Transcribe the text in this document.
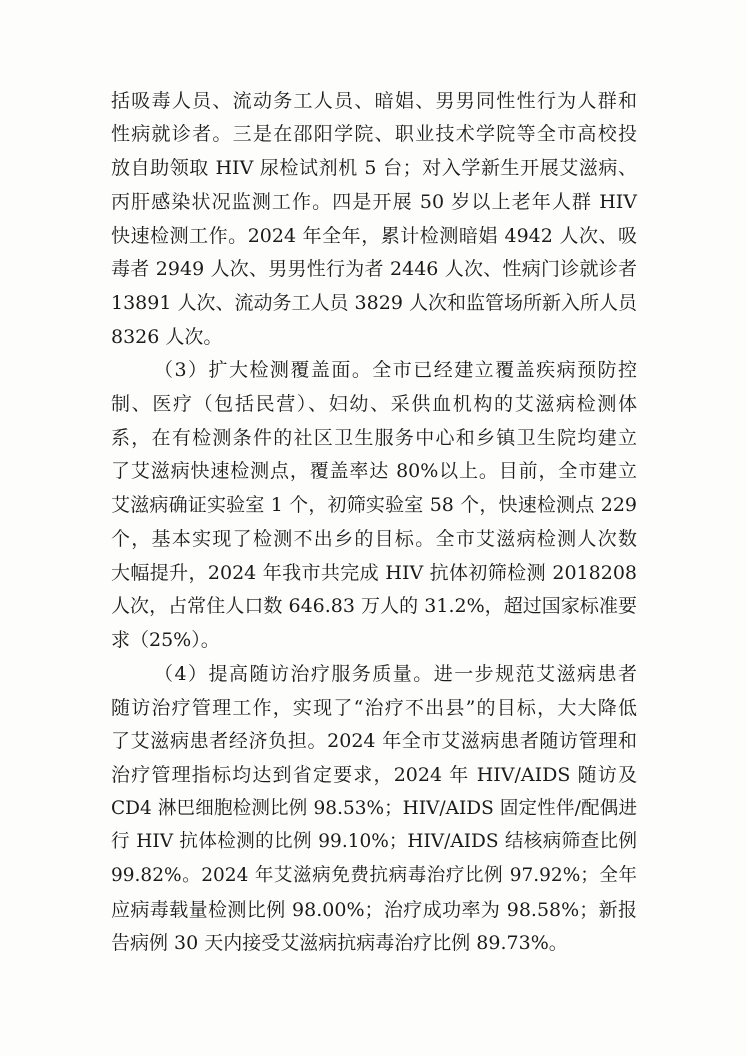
括吸毒人员、流动务工人员、暗娼、男男同性性行为人群和

性病就诊者。三是在邵阳学院、职业技术学院等全市高校投

放自助领取 HIV 尿检试剂机 5 台；对入学新生开展艾滋病、

丙肝感染状况监测工作。四是开展 50 岁以上老年人群 HIV

快速检测工作。2024 年全年，累计检测暗娼 4942 人次、吸

毒者 2949 人次、男男性行为者 2446 人次、性病门诊就诊者

13891 人次、流动务工人员 3829 人次和监管场所新入所人员

8326 人次。

（3）扩大检测覆盖面。全市已经建立覆盖疾病预防控

制、医疗（包括民营）、妇幼、采供血机构的艾滋病检测体

系，在有检测条件的社区卫生服务中心和乡镇卫生院均建立

了艾滋病快速检测点，覆盖率达 80%以上。目前，全市建立

艾滋病确证实验室 1 个，初筛实验室 58 个，快速检测点 229

个，基本实现了检测不出乡的目标。全市艾滋病检测人次数

大幅提升，2024 年我市共完成 HIV 抗体初筛检测 2018208

人次，占常住人口数 646.83 万人的 31.2%，超过国家标准要

求（25%）。

（4）提高随访治疗服务质量。进一步规范艾滋病患者

随访治疗管理工作，实现了“治疗不出县”的目标，大大降低

了艾滋病患者经济负担。2024 年全市艾滋病患者随访管理和

治疗管理指标均达到省定要求，2024 年 HIV/AIDS 随访及

CD4 淋巴细胞检测比例 98.53%；HIV/AIDS 固定性伴/配偶进

行 HIV 抗体检测的比例 99.10%；HIV/AIDS 结核病筛查比例

99.82%。2024 年艾滋病免费抗病毒治疗比例 97.92%；全年

应病毒载量检测比例 98.00%；治疗成功率为 98.58%；新报

告病例 30 天内接受艾滋病抗病毒治疗比例 89.73%。
